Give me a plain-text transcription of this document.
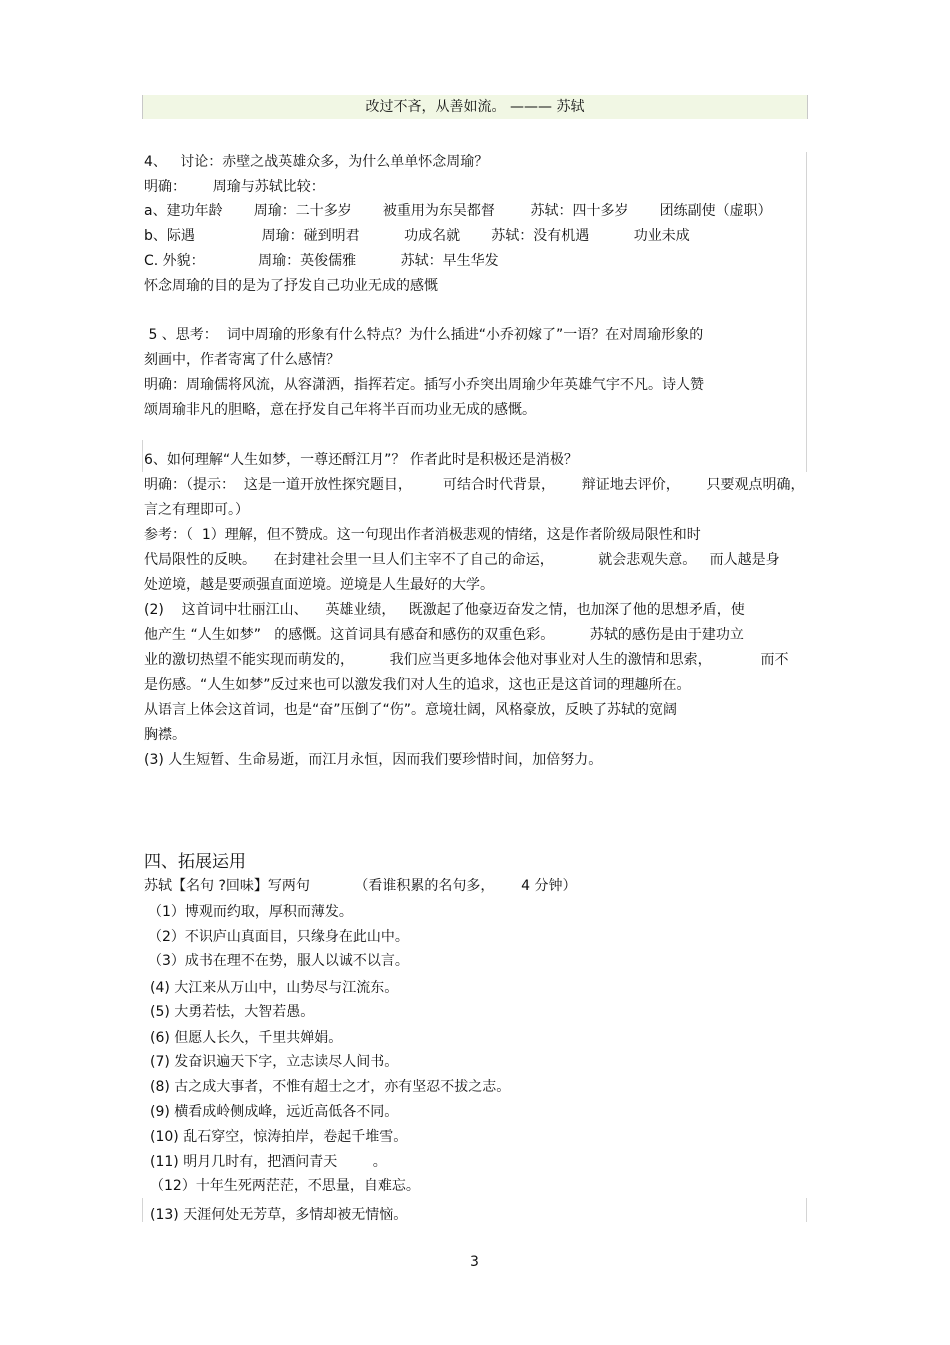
改过不吝，从善如流。 ——— 苏轼
4、   讨论：赤壁之战英雄众多，为什么单单怀念周瑜？
明确：      周瑜与苏轼比较：
a、建功年龄       周瑜：二十多岁       被重用为东吴都督        苏轼：四十多岁       团练副使（虚职）
b、际遇               周瑜：碰到明君          功成名就       苏轼：没有机遇          功业未成
C. 外貌：            周瑜：英俊儒雅          苏轼：早生华发
怀念周瑜的目的是为了抒发自己功业无成的感慨
5 、思考：  词中周瑜的形象有什么特点？为什么插进“小乔初嫁了”一语？在对周瑜形象的
刻画中，作者寄寓了什么感情？
明确：周瑜儒将风流，从容潇洒，指挥若定。插写小乔突出周瑜少年英雄气宇不凡。诗人赞
颂周瑜非凡的胆略，意在抒发自己年将半百而功业无成的感慨。
6、如何理解“人生如梦，一尊还酹江月”？ 作者此时是积极还是消极？
明确：（提示：  这是一道开放性探究题目，       可结合时代背景，      辩证地去评价，      只要观点明确，
言之有理即可。）
参考：（  1）理解，但不赞成。这一句现出作者消极悲观的情绪，这是作者阶级局限性和时
代局限性的反映。    在封建社会里一旦人们主宰不了自己的命运，          就会悲观失意。   而人越是身
处逆境，越是要顽强直面逆境。逆境是人生最好的大学。
(2)    这首词中壮丽江山、    英雄业绩，   既激起了他豪迈奋发之情，也加深了他的思想矛盾，使
他产生 “人生如梦”   的感慨。这首词具有感奋和感伤的双重色彩。        苏轼的感伤是由于建功立
业的激切热望不能实现而萌发的，        我们应当更多地体会他对事业对人生的激情和思索，           而不
是伤感。“人生如梦”反过来也可以激发我们对人生的追求，这也正是这首词的理趣所在。
从语言上体会这首词，也是“奋”压倒了“伤”。意境壮阔，风格豪放，反映了苏轼的宽阔
胸襟。
(3) 人生短暂、生命易逝，而江月永恒，因而我们要珍惜时间，加倍努力。
四、拓展运用
苏轼【名句 ?回味】写两句          （看谁积累的名句多，      4 分钟）
（1）博观而约取，厚积而薄发。
（2）不识庐山真面目，只缘身在此山中。
（3）成书在理不在势，服人以诚不以言。
(4) 大江来从万山中，山势尽与江流东。
(5) 大勇若怯，大智若愚。
(6) 但愿人长久，千里共婵娟。
(7) 发奋识遍天下字，立志读尽人间书。
(8) 古之成大事者，不惟有超士之才，亦有坚忍不拔之志。
(9) 横看成岭侧成峰，远近高低各不同。
(10) 乱石穿空，惊涛拍岸，卷起千堆雪。
(11) 明月几时有，把酒问青天        。
（12）十年生死两茫茫，不思量，自难忘。
(13) 天涯何处无芳草，多情却被无情恼。
3
